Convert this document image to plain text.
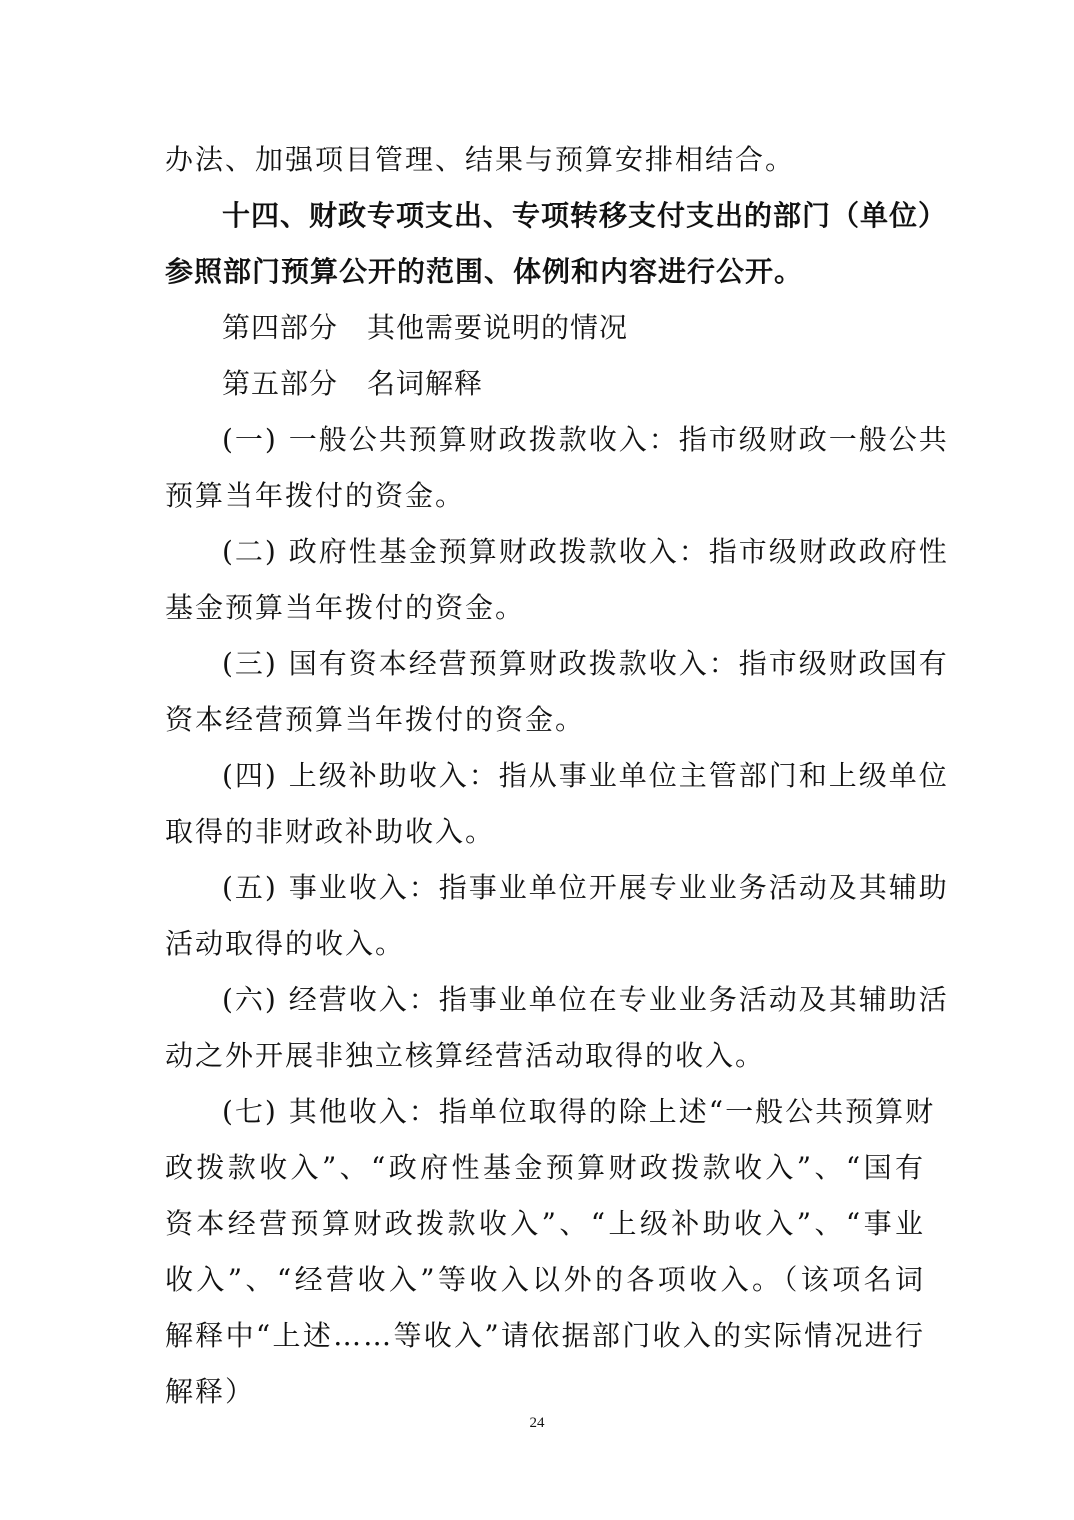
办法、加强项目管理、结果与预算安排相结合。
十四、财政专项支出、专项转移支付支出的部门（单位）
参照部门预算公开的范围、体例和内容进行公开。
第四部分　其他需要说明的情况
第五部分　名词解释
(一) 一般公共预算财政拨款收入：指市级财政一般公共
预算当年拨付的资金。
(二) 政府性基金预算财政拨款收入：指市级财政政府性
基金预算当年拨付的资金。
(三) 国有资本经营预算财政拨款收入：指市级财政国有
资本经营预算当年拨付的资金。
(四) 上级补助收入：指从事业单位主管部门和上级单位
取得的非财政补助收入。
(五) 事业收入：指事业单位开展专业业务活动及其辅助
活动取得的收入。
(六) 经营收入：指事业单位在专业业务活动及其辅助活
动之外开展非独立核算经营活动取得的收入。
(七) 其他收入：指单位取得的除上述“一般公共预算财
政拨款收入”、“政府性基金预算财政拨款收入”、“国有
资本经营预算财政拨款收入”、“上级补助收入”、“事业
收入”、“经营收入”等收入以外的各项收入。（该项名词
解释中“上述……等收入”请依据部门收入的实际情况进行
解释）
24
